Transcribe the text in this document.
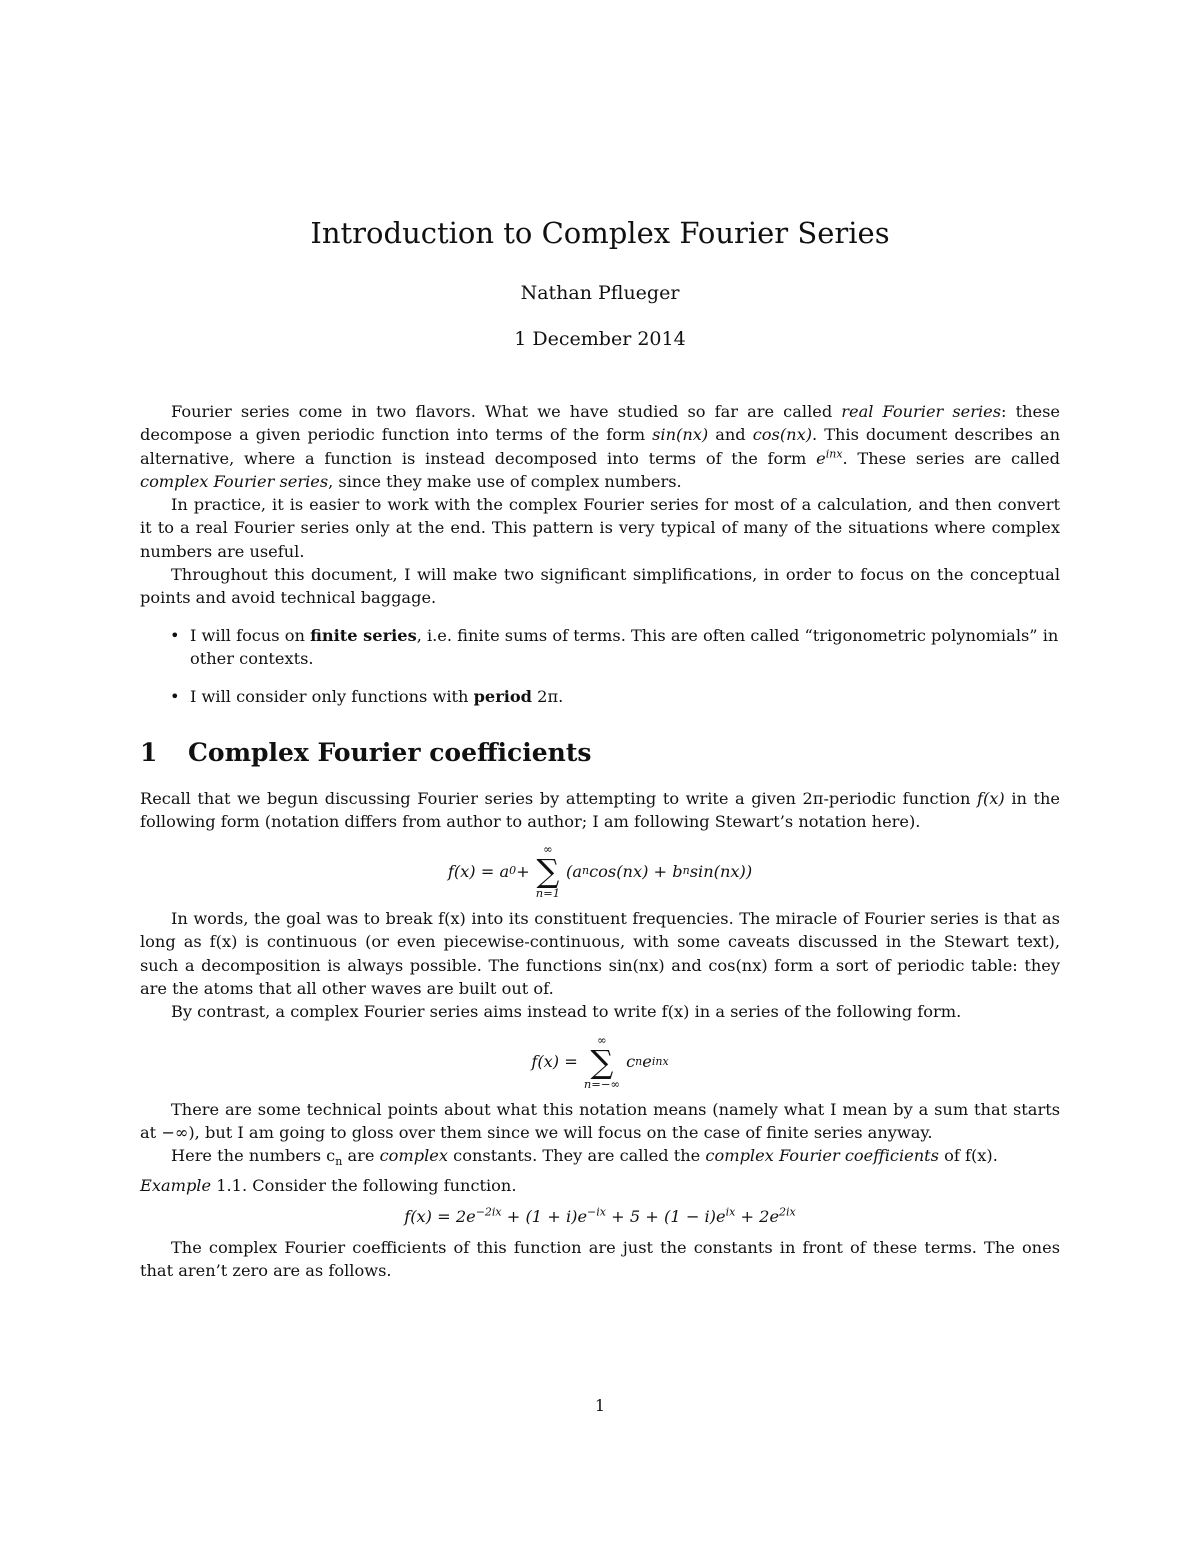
Introduction to Complex Fourier Series
Nathan Pflueger
1 December 2014

Fourier series come in two flavors. What we have studied so far are called real Fourier series: these decompose a given periodic function into terms of the form sin(nx) and cos(nx). This document describes an alternative, where a function is instead decomposed into terms of the form $e^{inx}$. These series are called complex Fourier series, since they make use of complex numbers.

In practice, it is easier to work with the complex Fourier series for most of a calculation, and then convert it to a real Fourier series only at the end. This pattern is very typical of many of the situations where complex numbers are useful.

Throughout this document, I will make two significant simplifications, in order to focus on the conceptual points and avoid technical baggage.

• I will focus on finite series, i.e. finite sums of terms. This are often called “trigonometric polynomials” in other contexts.
• I will consider only functions with period 2π.
1 Complex Fourier coefficients

Recall that we begun discussing Fourier series by attempting to write a given 2π-periodic function f(x) in the following form (notation differs from author to author; I am following Stewart’s notation here).

f(x) = a 0 +
∞
∑
n=1
(a n cos(nx) + b n sin(nx))

In words, the goal was to break f(x) into its constituent frequencies. The miracle of Fourier series is that as long as f(x) is continuous (or even piecewise-continuous, with some caveats discussed in the Stewart text), such a decomposition is always possible. The functions sin(nx) and cos(nx) form a sort of periodic table: they are the atoms that all other waves are built out of.

By contrast, a complex Fourier series aims instead to write f(x) in a series of the following form.

f(x) =
∞
∑
n=−∞
c n e inx

There are some technical points about what this notation means (namely what I mean by a sum that starts at −∞), but I am going to gloss over them since we will focus on the case of finite series anyway.

Here the numbers $c_n$ are complex constants. They are called the complex Fourier coefficients of f(x).

Example 1.1. Consider the following function.

$f(x) = 2e^{-2ix} + (1 + i)e^{-ix} + 5 + (1 - i)e^{ix} + 2e^{2ix}$

The complex Fourier coefficients of this function are just the constants in front of these terms. The ones that aren’t zero are as follows.

1
